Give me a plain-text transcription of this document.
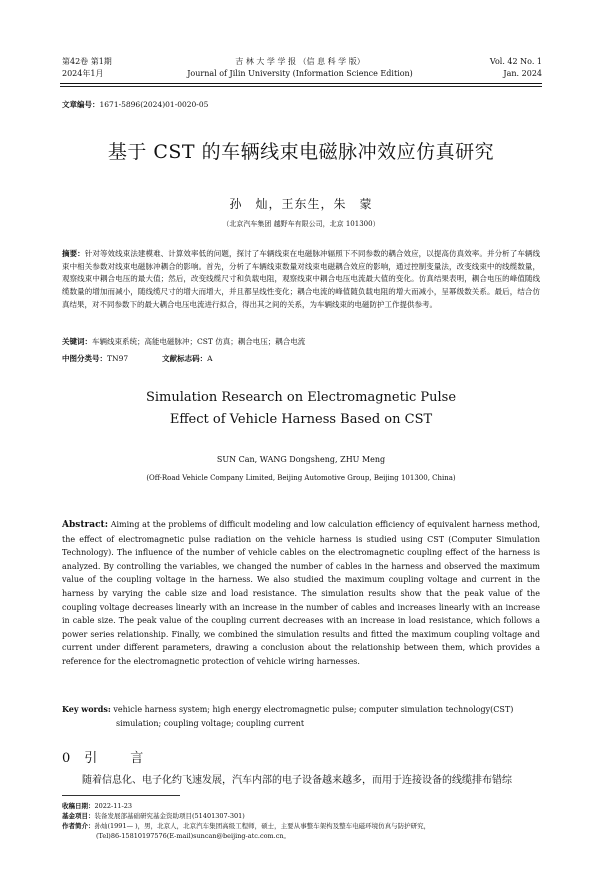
第42卷 第1期
2024年1月
吉 林 大 学 学 报 （信 息 科 学 版）
Journal of Jilin University (Information Science Edition)
Vol. 42 No. 1
Jan. 2024
文章编号：1671-5896(2024)01-0020-05
基于 CST 的车辆线束电磁脉冲效应仿真研究
孙　灿，王东生，朱　蒙
（北京汽车集团 越野车有限公司，北京 101300）
摘要：针对等效线束法建模难、计算效率低的问题，探讨了车辆线束在电磁脉冲辐照下不同参数的耦合效应，以提高仿真效率。并分析了车辆线束中相关参数对线束电磁脉冲耦合的影响。首先，分析了车辆线束数量对线束电磁耦合效应的影响，通过控制变量法，改变线束中的线缆数量，观察线束中耦合电压的最大值；然后，改变线缆尺寸和负载电阻，观察线束中耦合电压电流最大值的变化。仿真结果表明，耦合电压的峰值随线缆数量的增加而减小，随线缆尺寸的增大而增大，并且都呈线性变化；耦合电流的峰值随负载电阻的增大而减小，呈幂级数关系。最后，结合仿真结果，对不同参数下的最大耦合电压电流进行拟合，得出其之间的关系，为车辆线束的电磁防护工作提供参考。
关键词：车辆线束系统；高能电磁脉冲；CST 仿真；耦合电压；耦合电流
中图分类号：TN97	文献标志码：A
Simulation Research on Electromagnetic Pulse
Effect of Vehicle Harness Based on CST
SUN Can, WANG Dongsheng, ZHU Meng
(Off-Road Vehicle Company Limited, Beijing Automotive Group, Beijing 101300, China)
Abstract: Aiming at the problems of difficult modeling and low calculation efficiency of equivalent harness method, the effect of electromagnetic pulse radiation on the vehicle harness is studied using CST (Computer Simulation Technology). The influence of the number of vehicle cables on the electromagnetic coupling effect of the harness is analyzed. By controlling the variables, we changed the number of cables in the harness and observed the maximum value of the coupling voltage in the harness. We also studied the maximum coupling voltage and current in the harness by varying the cable size and load resistance. The simulation results show that the peak value of the coupling voltage decreases linearly with an increase in the number of cables and increases linearly with an increase in cable size. The peak value of the coupling current decreases with an increase in load resistance, which follows a power series relationship. Finally, we combined the simulation results and fitted the maximum coupling voltage and current under different parameters, drawing a conclusion about the relationship between them, which provides a reference for the electromagnetic protection of vehicle wiring harnesses.
Key words: vehicle harness system; high energy electromagnetic pulse; computer simulation technology(CST)
simulation; coupling voltage; coupling current
0 引　言
随着信息化、电子化约飞速发展，汽车内部的电子设备越来越多，而用于连接设备的线缆排布错综
收稿日期：2022-11-23
基金项目：装备发展部基础研究基金资助项目(51401307-301)
作者简介：孙灿(1991— )，男，北京人，北京汽车集团高级工程师，硕士，主要从事整车架构及整车电磁环境仿真与防护研究，
(Tel)86-15810197576(E-mail)suncan@beijing-atc.com.cn。
